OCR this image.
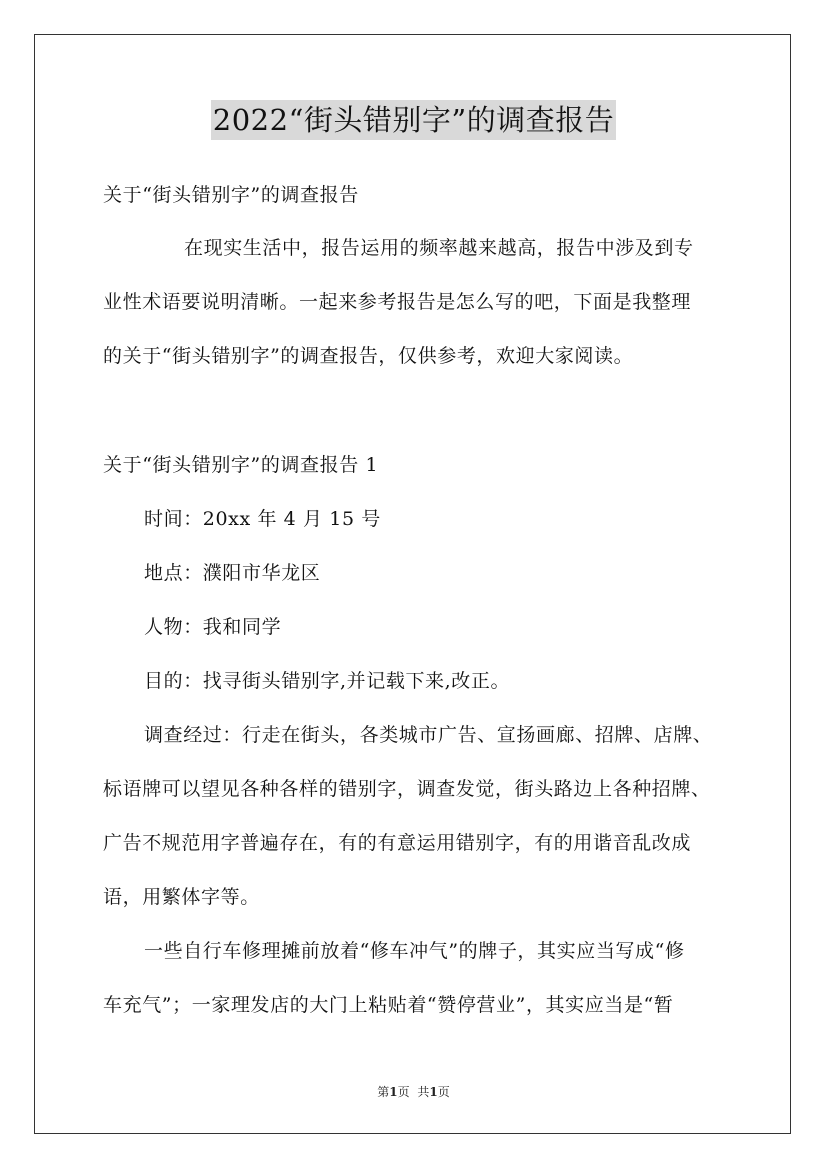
2022“街头错别字”的调查报告
关于“街头错别字”的调查报告
在现实生活中，报告运用的频率越来越高，报告中涉及到专
业性术语要说明清晰。一起来参考报告是怎么写的吧，下面是我整理
的关于“街头错别字”的调查报告，仅供参考，欢迎大家阅读。
关于“街头错别字”的调查报告 1
时间：20xx 年 4 月 15 号
地点：濮阳市华龙区
人物：我和同学
目的：找寻街头错别字,并记载下来,改正。
调查经过：行走在街头，各类城市广告、宣扬画廊、招牌、店牌、
标语牌可以望见各种各样的错别字，调查发觉，街头路边上各种招牌、
广告不规范用字普遍存在，有的有意运用错别字，有的用谐音乱改成
语，用繁体字等。
一些自行车修理摊前放着“修车冲气”的牌子，其实应当写成“修
车充气”；一家理发店的大门上粘贴着“赞停营业”，其实应当是“暂
第1页 共1页
